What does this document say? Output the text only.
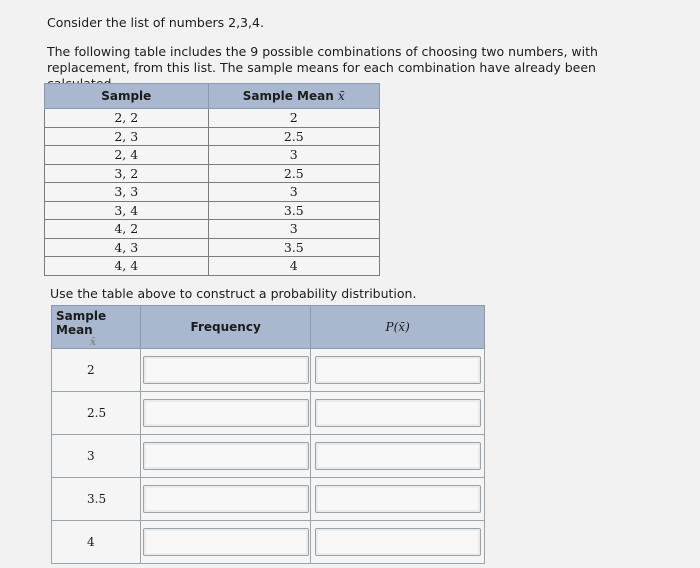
Consider the list of numbers 2,3,4.
The following table includes the 9 possible combinations of choosing two numbers, with replacement, from this list. The sample means for each combination have already been
Sample	Sample Mean x̄
2, 2	2
2, 3	2.5
2, 4	3
3, 2	2.5
3, 3	3
3, 4	3.5
4, 2	3
4, 3	3.5
4, 4	4
Use the table above to construct a probability distribution.
Sample Mean
x̄	Frequency	P(x̄)
2	

2.5	

3	

3.5	

4	
